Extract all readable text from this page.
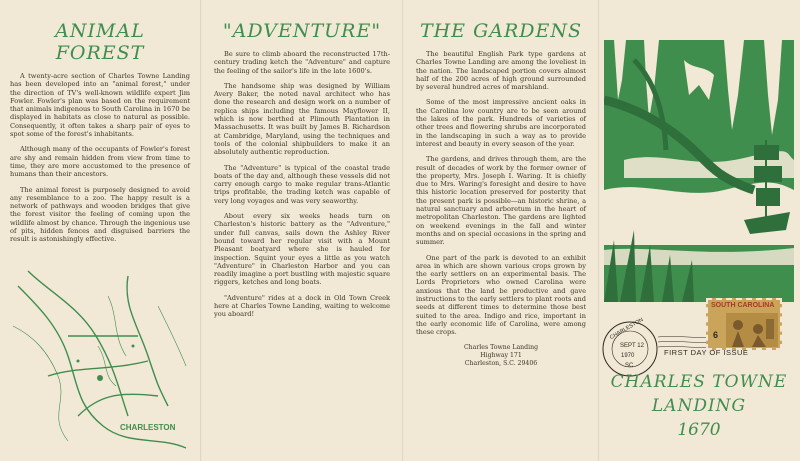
ANIMAL FOREST

A twenty-acre section of Charles Towne Landing has been developed into an "animal forest," under the direction of TV's well-known wildlife expert Jim Fowler. Fowler's plan was based on the requirement that animals indigenous to South Carolina in 1670 be displayed in habitats as close to natural as possible. Consequently, it often takes a sharp pair of eyes to spot some of the forest's inhabitants.

Although many of the occupants of Fowler's forest are shy and remain hidden from view from time to time, they are more accustomed to the presence of humans than their ancestors.

The animal forest is purposely designed to avoid any resemblance to a zoo. The happy result is a network of pathways and wooden bridges that give the forest visitor the feeling of coming upon the wildlife almost by chance. Through the ingenious use of pits, hidden fences and disguised barriers the result is astonishingly effective.

CHARLESTON
"ADVENTURE"

Be sure to climb aboard the reconstructed 17th-century trading ketch the "Adventure" and capture the feeling of the sailor's life in the late 1600's.

The handsome ship was designed by William Avery Baker, the noted naval architect who has done the research and design work on a number of replica ships including the famous Mayflower II, which is now berthed at Plimouth Plantation in Massachusetts. It was built by James B. Richardson at Cambridge, Maryland, using the techniques and tools of the colonial shipbuilders to make it an absolutely authentic reproduction.

The "Adventure" is typical of the coastal trade boats of the day and, although these vessels did not carry enough cargo to make regular trans-Atlantic trips profitable, the trading ketch was capable of very long voyages and was very seaworthy.

About every six weeks heads turn on Charleston's historic battery as the "Adventure," under full canvas, sails down the Ashley River bound toward her regular visit with a Mount Pleasant boatyard where she is hauled for inspection. Squint your eyes a little as you watch "Adventure" in Charleston Harbor and you can readily imagine a port bustling with majestic square riggers, ketches and long boats.

"Adventure" rides at a dock in Old Town Creek here at Charles Towne Landing, waiting to welcome you aboard!

THE GARDENS

The beautiful English Park type gardens at Charles Towne Landing are among the loveliest in the nation. The landscaped portion covers almost half of the 200 acres of high ground surrounded by several hundred acres of marshland.

Some of the most impressive ancient oaks in the Carolina low country are to be seen around the lakes of the park. Hundreds of varieties of other trees and flowering shrubs are incorporated in the landscaping in such a way as to provide interest and beauty in every season of the year.

The gardens, and drives through them, are the result of decades of work by the former owner of the property, Mrs. Joseph I. Waring. It is chiefly due to Mrs. Waring's foresight and desire to have this historic location preserved for posterity that the present park is possible—an historic shrine, a natural sanctuary and arboretum in the heart of metropolitan Charleston. The gardens are lighted on weekend evenings in the fall and winter months and on special occasions in the spring and summer.

One part of the park is devoted to an exhibit area in which are shown various crops grown by the early settlers on an experimental basis. The Lords Proprietors who owned Carolina were anxious that the land be productive and gave instructions to the early settlers to plant roots and seeds at different times to determine those best suited to the area. Indigo and rice, important in the early economic life of Carolina, were among these crops.

Charles Towne Landing
Highway 171
Charleston, S.C. 29406
CHARLESTON
SEPT 12
1970
SC
SOUTH CAROLINA
6
FIRST DAY OF ISSUE
CHARLES TOWNE
LANDING
1670
